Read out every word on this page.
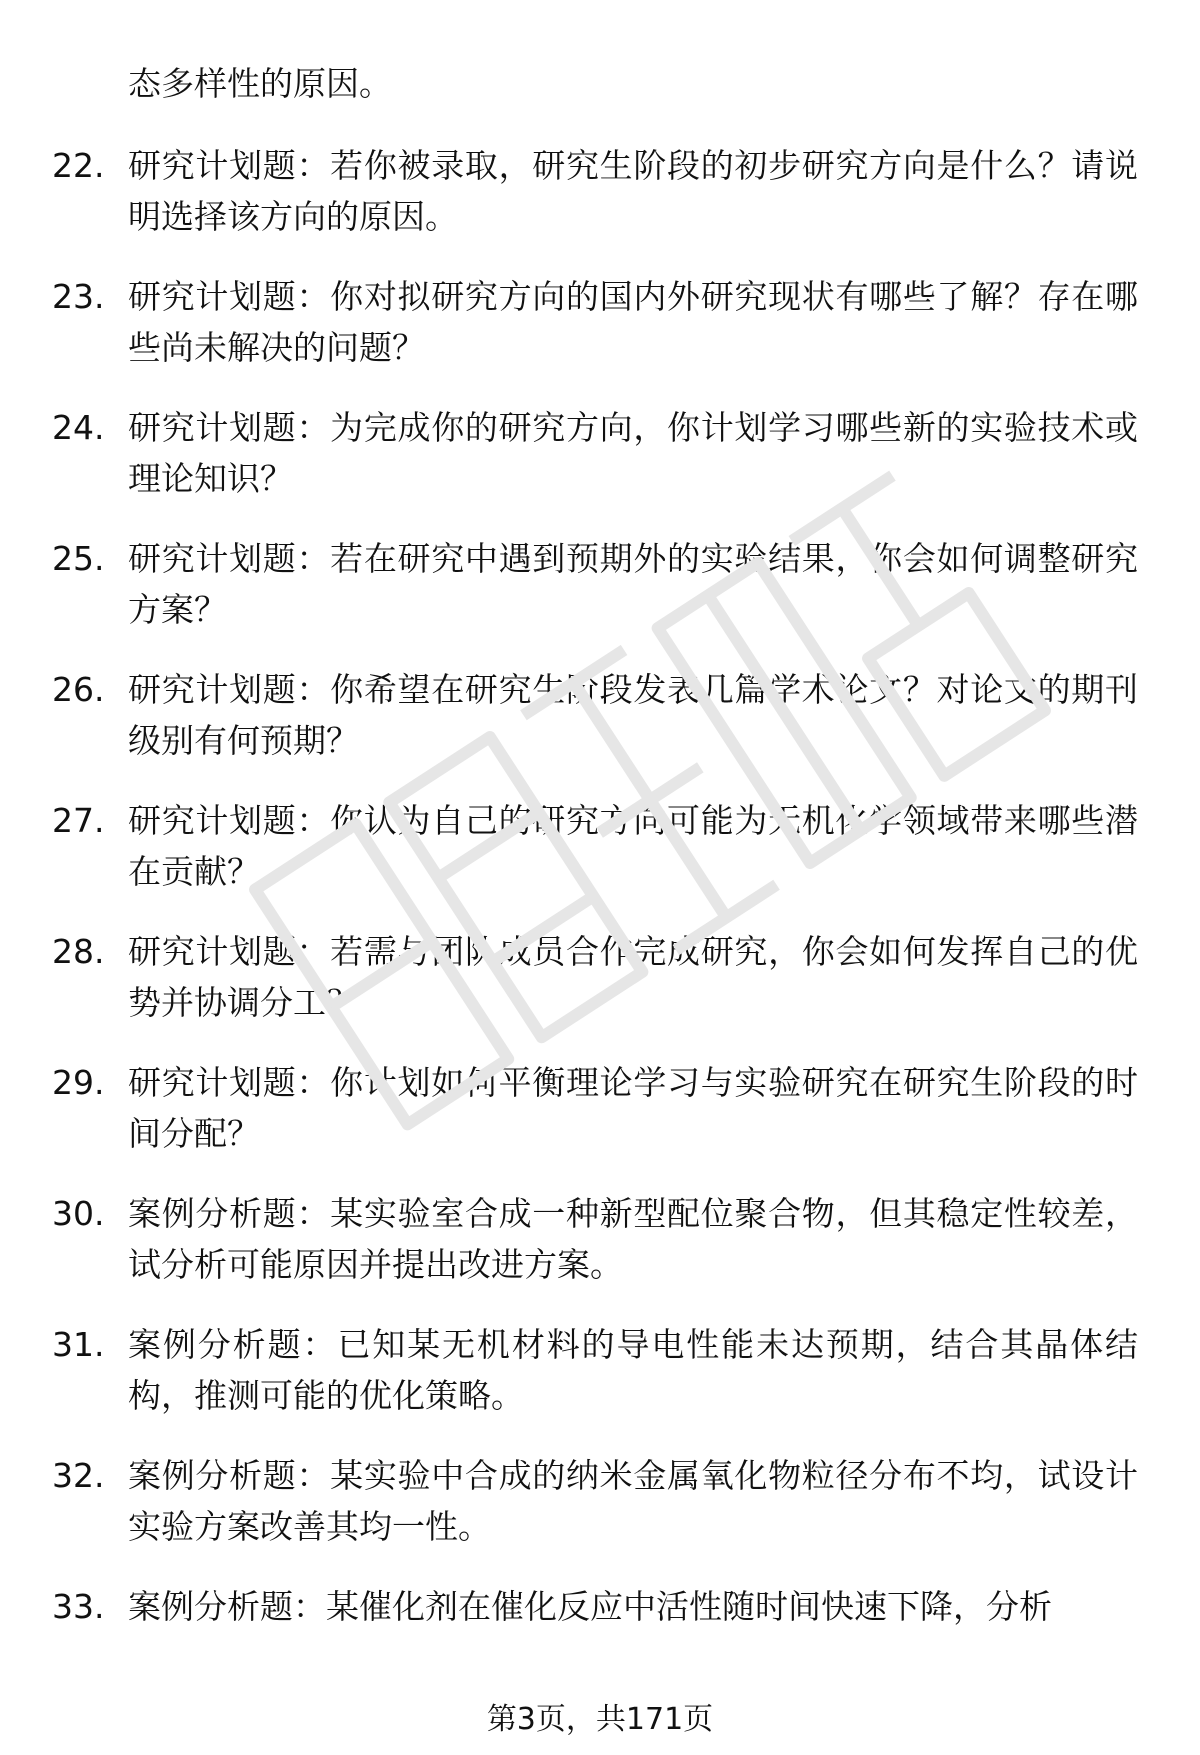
态多样性的原因。
22. 研究计划题：若你被录取，研究生阶段的初步研究方向是什么？请说明选择该方向的原因。
23. 研究计划题：你对拟研究方向的国内外研究现状有哪些了解？存在哪些尚未解决的问题？
24. 研究计划题：为完成你的研究方向，你计划学习哪些新的实验技术或理论知识？
25. 研究计划题：若在研究中遇到预期外的实验结果，你会如何调整研究方案？
26. 研究计划题：你希望在研究生阶段发表几篇学术论文？对论文的期刊级别有何预期？
27. 研究计划题：你认为自己的研究方向可能为无机化学领域带来哪些潜在贡献？
28. 研究计划题：若需与团队成员合作完成研究，你会如何发挥自己的优势并协调分工？
29. 研究计划题：你计划如何平衡理论学习与实验研究在研究生阶段的时间分配？
30. 案例分析题：某实验室合成一种新型配位聚合物，但其稳定性较差，试分析可能原因并提出改进方案。
31. 案例分析题：已知某无机材料的导电性能未达预期，结合其晶体结构，推测可能的优化策略。
32. 案例分析题：某实验中合成的纳米金属氧化物粒径分布不均，试设计实验方案改善其均一性。
33. 案例分析题：某催化剂在催化反应中活性随时间快速下降，分析
第3页，共171页
